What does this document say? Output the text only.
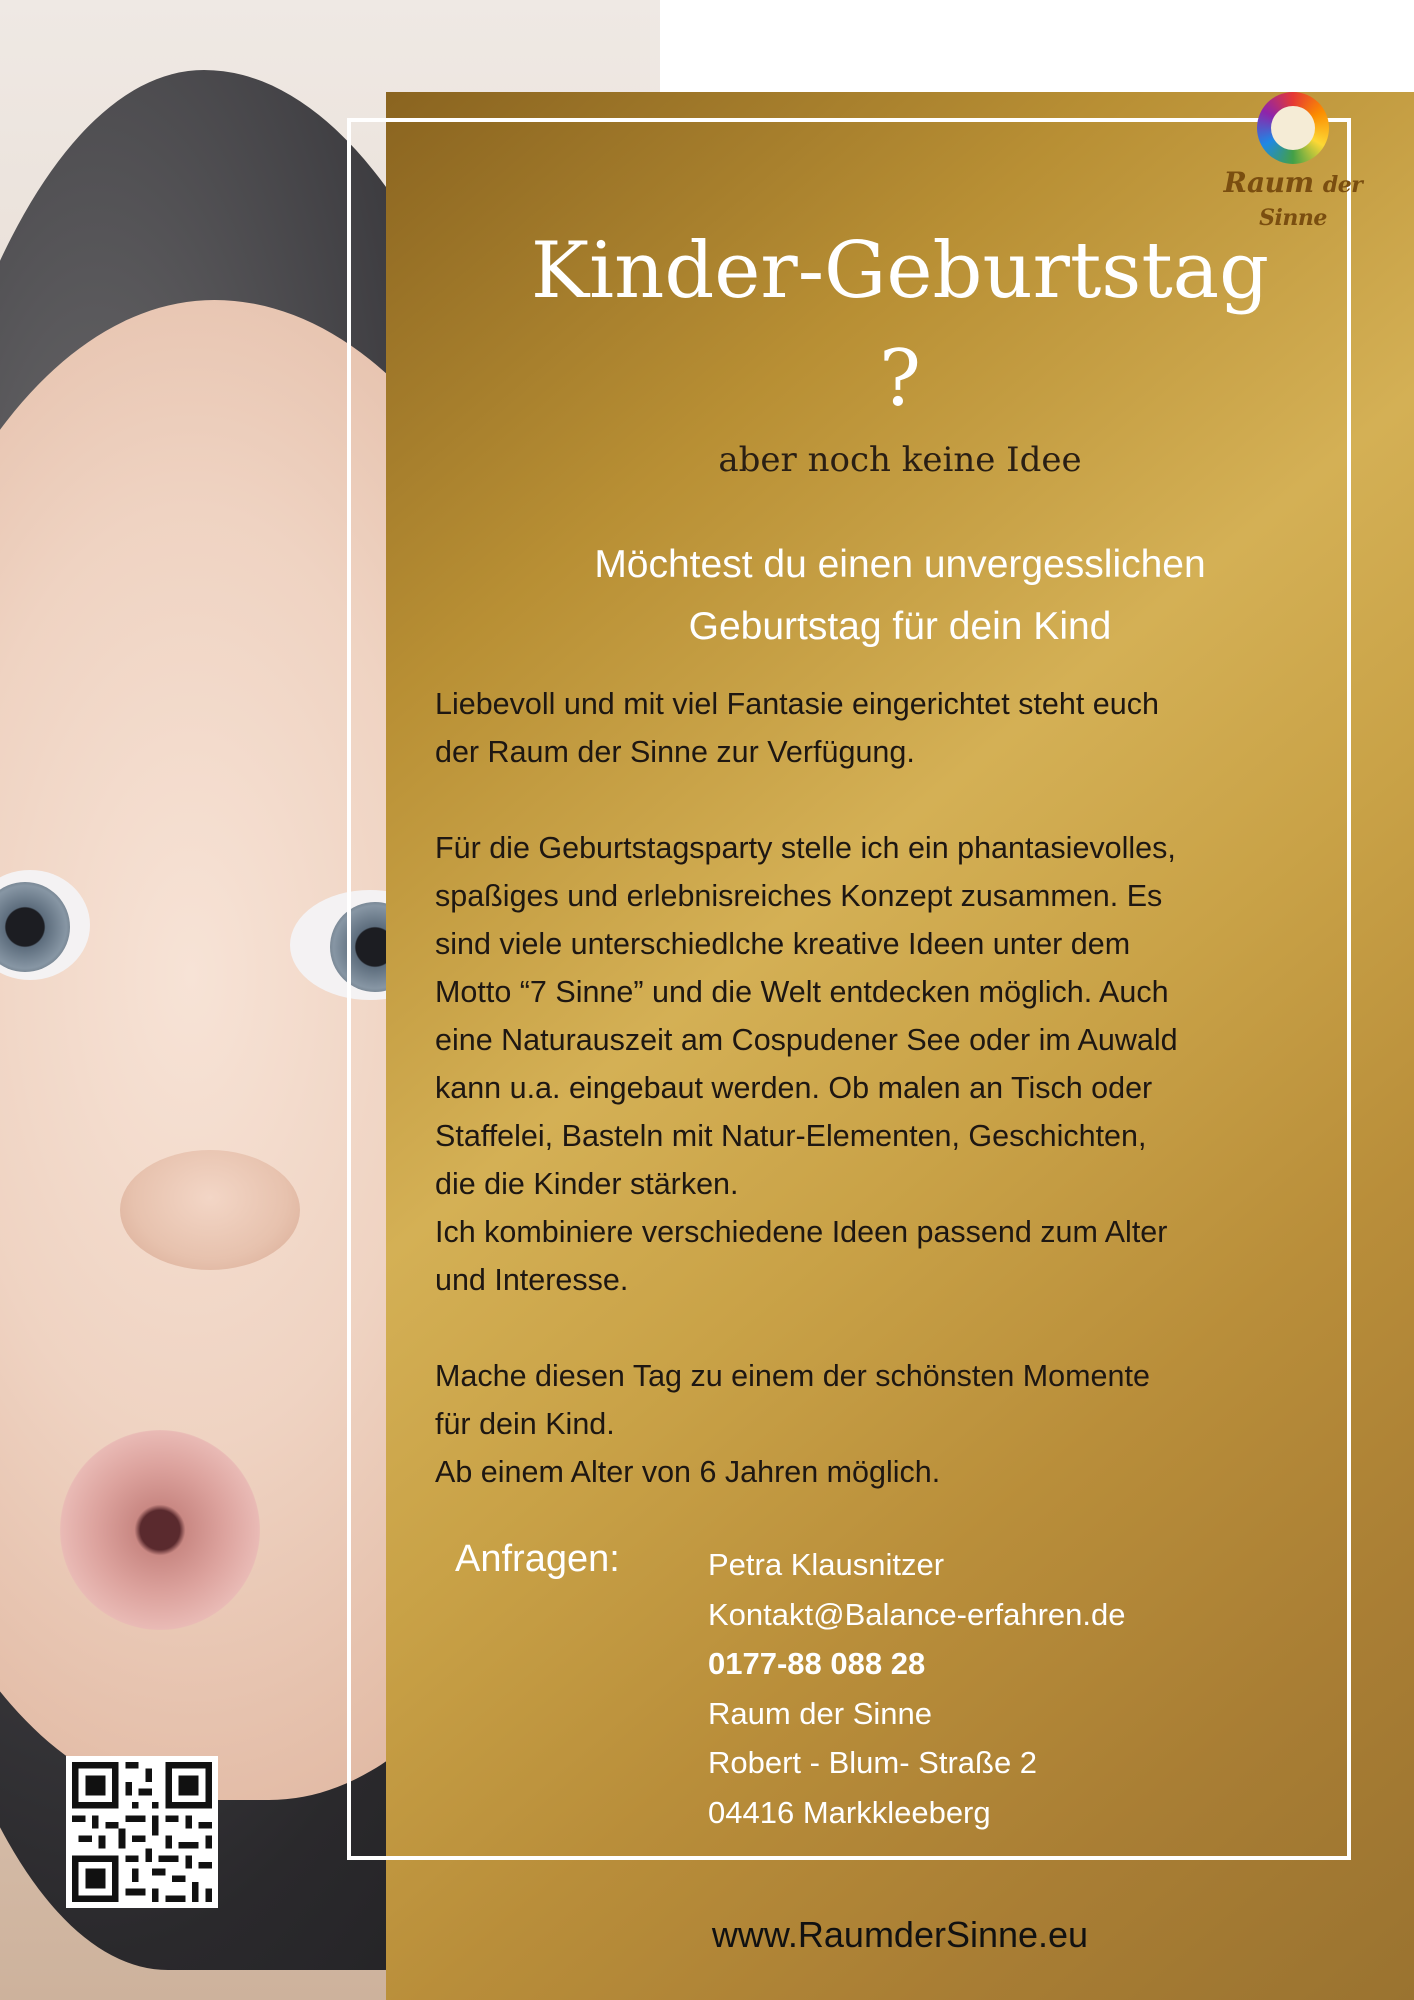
Raum der Sinne
Kinder-Geburtstag
?
aber noch keine Idee
Möchtest du einen unvergesslichen
Geburtstag für dein Kind

Liebevoll und mit viel Fantasie eingerichtet steht euch

der Raum der Sinne zur Verfügung.

Für die Geburtstagsparty stelle ich ein phantasievolles,

spaßiges und erlebnisreiches Konzept zusammen. Es

sind viele unterschiedlche kreative Ideen unter dem

Motto “7 Sinne” und die Welt entdecken möglich. Auch

eine Naturauszeit am Cospudener See oder im Auwald

kann u.a. eingebaut werden. Ob malen an Tisch oder

Staffelei, Basteln mit Natur-Elementen, Geschichten,

die die Kinder stärken.

Ich kombiniere verschiedene Ideen passend zum Alter

und Interesse.

Mache diesen Tag zu einem der schönsten Momente

für dein Kind.

Ab einem Alter von 6 Jahren möglich.

Anfragen:	Petra Klausnitzer
Kontakt@Balance-erfahren.de
0177-88 088 28
Raum der Sinne
Robert - Blum- Straße 2
04416 Markkleeberg
www.RaumderSinne.eu
